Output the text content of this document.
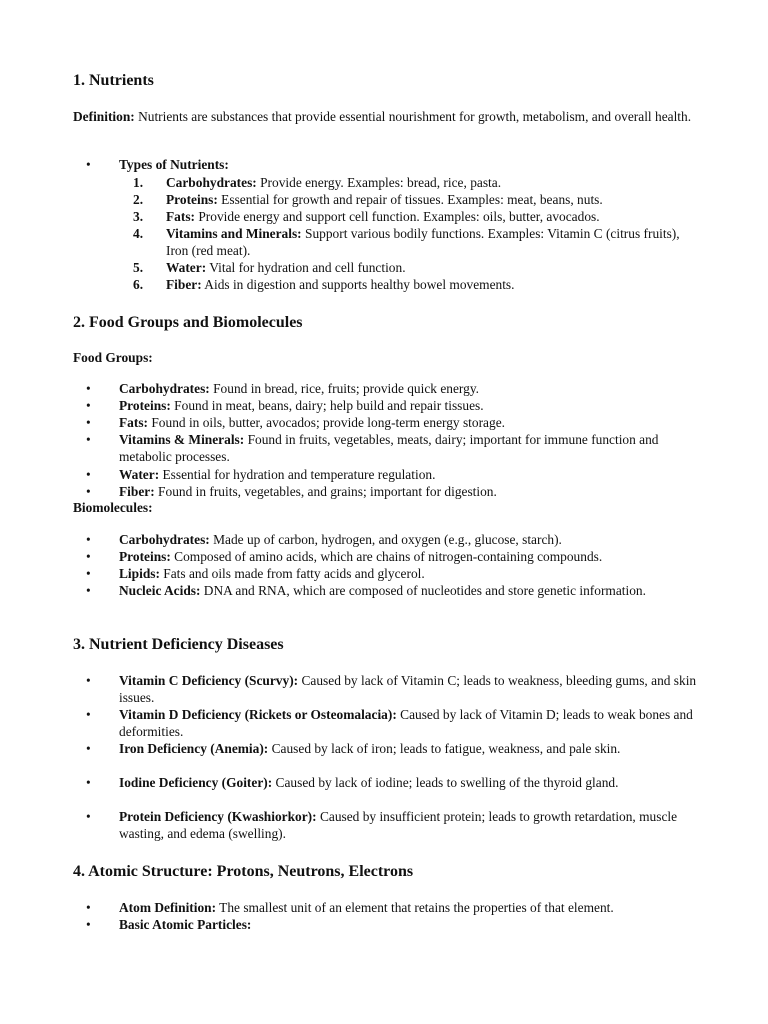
1. Nutrients

Definition: Nutrients are substances that provide essential nourishment for growth, metabolism, and overall health.

• Types of Nutrients:
1.	Carbohydrates: Provide energy. Examples: bread, rice, pasta.
2.	Proteins: Essential for growth and repair of tissues. Examples: meat, beans, nuts.
3.	Fats: Provide energy and support cell function. Examples: oils, butter, avocados.
4.	Vitamins and Minerals: Support various bodily functions. Examples: Vitamin C (citrus fruits), Iron (red meat).
5.	Water: Vital for hydration and cell function.
6.	Fiber: Aids in digestion and supports healthy bowel movements.
2. Food Groups and Biomolecules

Food Groups:

• Carbohydrates: Found in bread, rice, fruits; provide quick energy.
• Proteins: Found in meat, beans, dairy; help build and repair tissues.
• Fats: Found in oils, butter, avocados; provide long-term energy storage.
• Vitamins & Minerals: Found in fruits, vegetables, meats, dairy; important for immune function and metabolic processes.
• Water: Essential for hydration and temperature regulation.
• Fiber: Found in fruits, vegetables, and grains; important for digestion.

Biomolecules:

• Carbohydrates: Made up of carbon, hydrogen, and oxygen (e.g., glucose, starch).
• Proteins: Composed of amino acids, which are chains of nitrogen-containing compounds.
• Lipids: Fats and oils made from fatty acids and glycerol.
• Nucleic Acids: DNA and RNA, which are composed of nucleotides and store genetic information.
3. Nutrient Deficiency Diseases
• Vitamin C Deficiency (Scurvy): Caused by lack of Vitamin C; leads to weakness, bleeding gums, and skin issues.
• Vitamin D Deficiency (Rickets or Osteomalacia): Caused by lack of Vitamin D; leads to weak bones and deformities.
• Iron Deficiency (Anemia): Caused by lack of iron; leads to fatigue, weakness, and pale skin.
• Iodine Deficiency (Goiter): Caused by lack of iodine; leads to swelling of the thyroid gland.
• Protein Deficiency (Kwashiorkor): Caused by insufficient protein; leads to growth retardation, muscle wasting, and edema (swelling).
4. Atomic Structure: Protons, Neutrons, Electrons
• Atom Definition: The smallest unit of an element that retains the properties of that element.
• Basic Atomic Particles:
